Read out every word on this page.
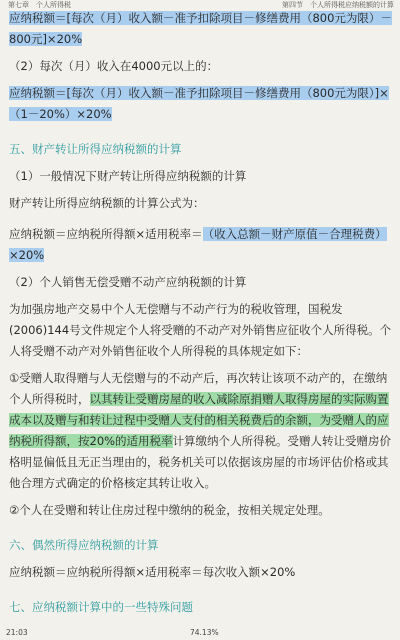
第七章　个人所得税	第四节　个人所得税应纳税额的计算

应纳税额＝[每次（月）收入额－准予扣除项目－修缮费用（800元为限）－
800元]×20%

（2）每次（月）收入在4000元以上的：

应纳税额＝[每次（月）收入额－准予扣除项目－修缮费用（800元为限）]×
（1－20%）×20%

五、财产转让所得应纳税额的计算

（1）一般情况下财产转让所得应纳税额的计算

财产转让所得应纳税额的计算公式为：

应纳税额＝应纳税所得额×适用税率＝（收入总额－财产原值－合理税费）
×20%

（2）个人销售无偿受赠不动产应纳税额的计算

为加强房地产交易中个人无偿赠与不动产行为的税收管理，国税发(2006)144号文件规定个人将受赠的不动产对外销售应征收个人所得税。个人将受赠不动产对外销售征收个人所得税的具体规定如下：

①受赠人取得赠与人无偿赠与的不动产后，再次转让该项不动产的，在缴纳个人所得税时，以其转让受赠房屋的收入减除原捐赠人取得房屋的实际购置成本以及赠与和转让过程中受赠人支付的相关税费后的余额，为受赠人的应纳税所得额，按20%的适用税率计算缴纳个人所得税。受赠人转让受赠房价格明显偏低且无正当理由的，税务机关可以依据该房屋的市场评估价格或其他合理方式确定的价格核定其转让收入。

②个人在受赠和转让住房过程中缴纳的税金，按相关规定处理。

六、偶然所得应纳税额的计算

应纳税额＝应纳税所得额×适用税率＝每次收入额×20%

七、应纳税额计算中的一些特殊问题

21:03	74.13%
